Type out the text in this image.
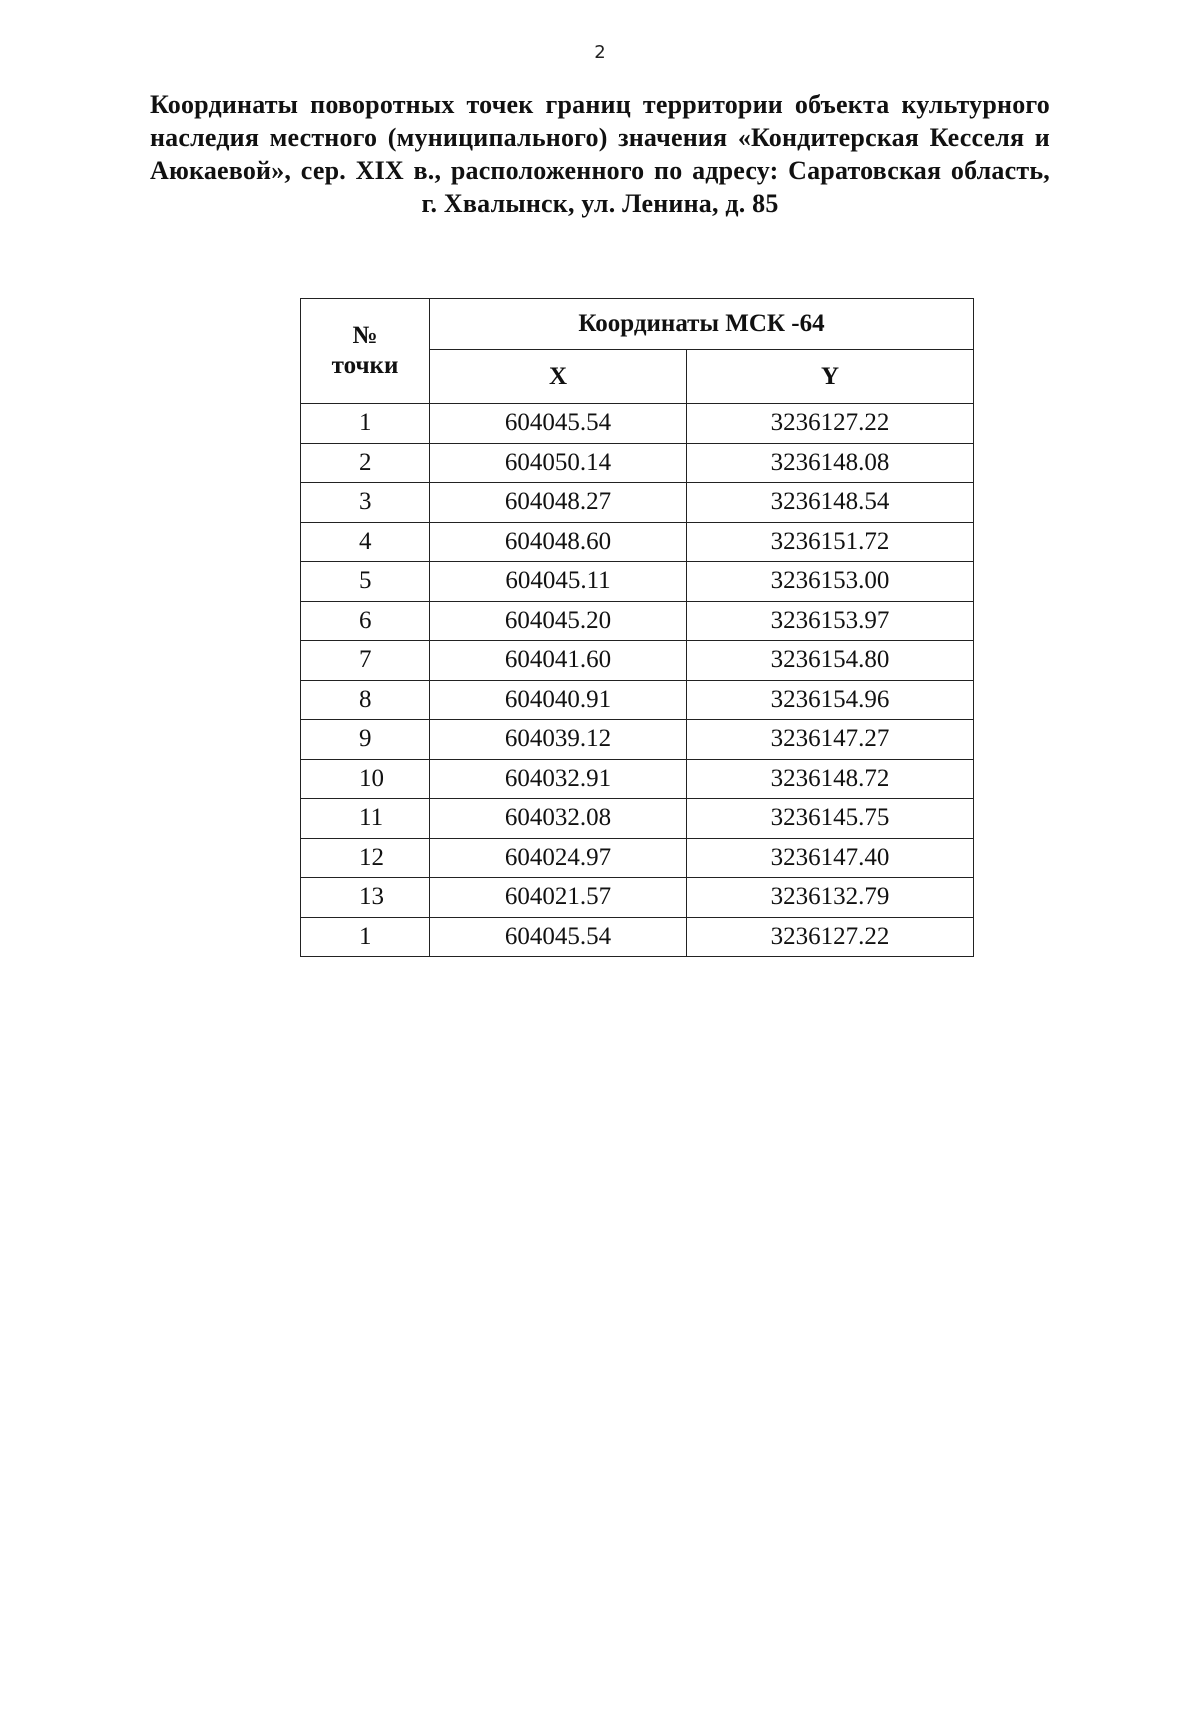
2
Координаты поворотных точек границ территории объекта культурного
наследия местного (муниципального) значения «Кондитерская Кесселя и
Аюкаевой», сер. XIX в., расположенного по адресу: Саратовская область,
г. Хвалынск, ул. Ленина, д. 85
№
точки	Координаты МСК -64	
	X	Y
1	604045.54	3236127.22
2	604050.14	3236148.08
3	604048.27	3236148.54
4	604048.60	3236151.72
5	604045.11	3236153.00
6	604045.20	3236153.97
7	604041.60	3236154.80
8	604040.91	3236154.96
9	604039.12	3236147.27
10	604032.91	3236148.72
11	604032.08	3236145.75
12	604024.97	3236147.40
13	604021.57	3236132.79
1	604045.54	3236127.22
